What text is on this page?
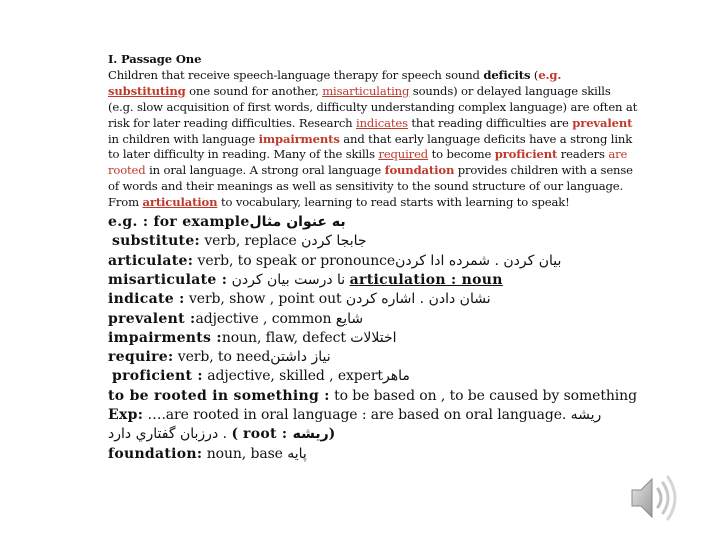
I. Passage One
Children that receive speech-language therapy for speech sound deficits (e.g. substituting one sound for another, misarticulating sounds) or delayed language skills (e.g. slow acquisition of first words, difficulty understanding complex language) are often at risk for later reading difficulties. Research indicates that reading difficulties are prevalent in children with language impairments and that early language deficits have a strong link to later difficulty in reading. Many of the skills required to become proficient readers are rooted in oral language. A strong oral language foundation provides children with a sense of words and their meanings as well as sensitivity to the sound structure of our language. From articulation to vocabulary, learning to read starts with learning to speak!
e.g. : for exampleبه عنوان مثال
substitute: verb, replace جابجا کردن
articulate: verb, to speak or pronounceشمرده ادا کردن . بیان کردن
misarticulate : نا درست بیان کردن articulation : noun
indicate : verb, show , point out اشاره کردن . نشان دادن
prevalent :adjective , common شایع
impairments :noun, flaw, defect اختلالات
require: verb, to needنیاز داشتن
proficient : adjective, skilled , expertماهر
to be rooted in something : to be based on , to be caused by something
Exp: ….are rooted in oral language : are based on oral language. ریشه
درزبان گفتاري دارد . ( root : ریشه)
foundation: noun, base پایه
